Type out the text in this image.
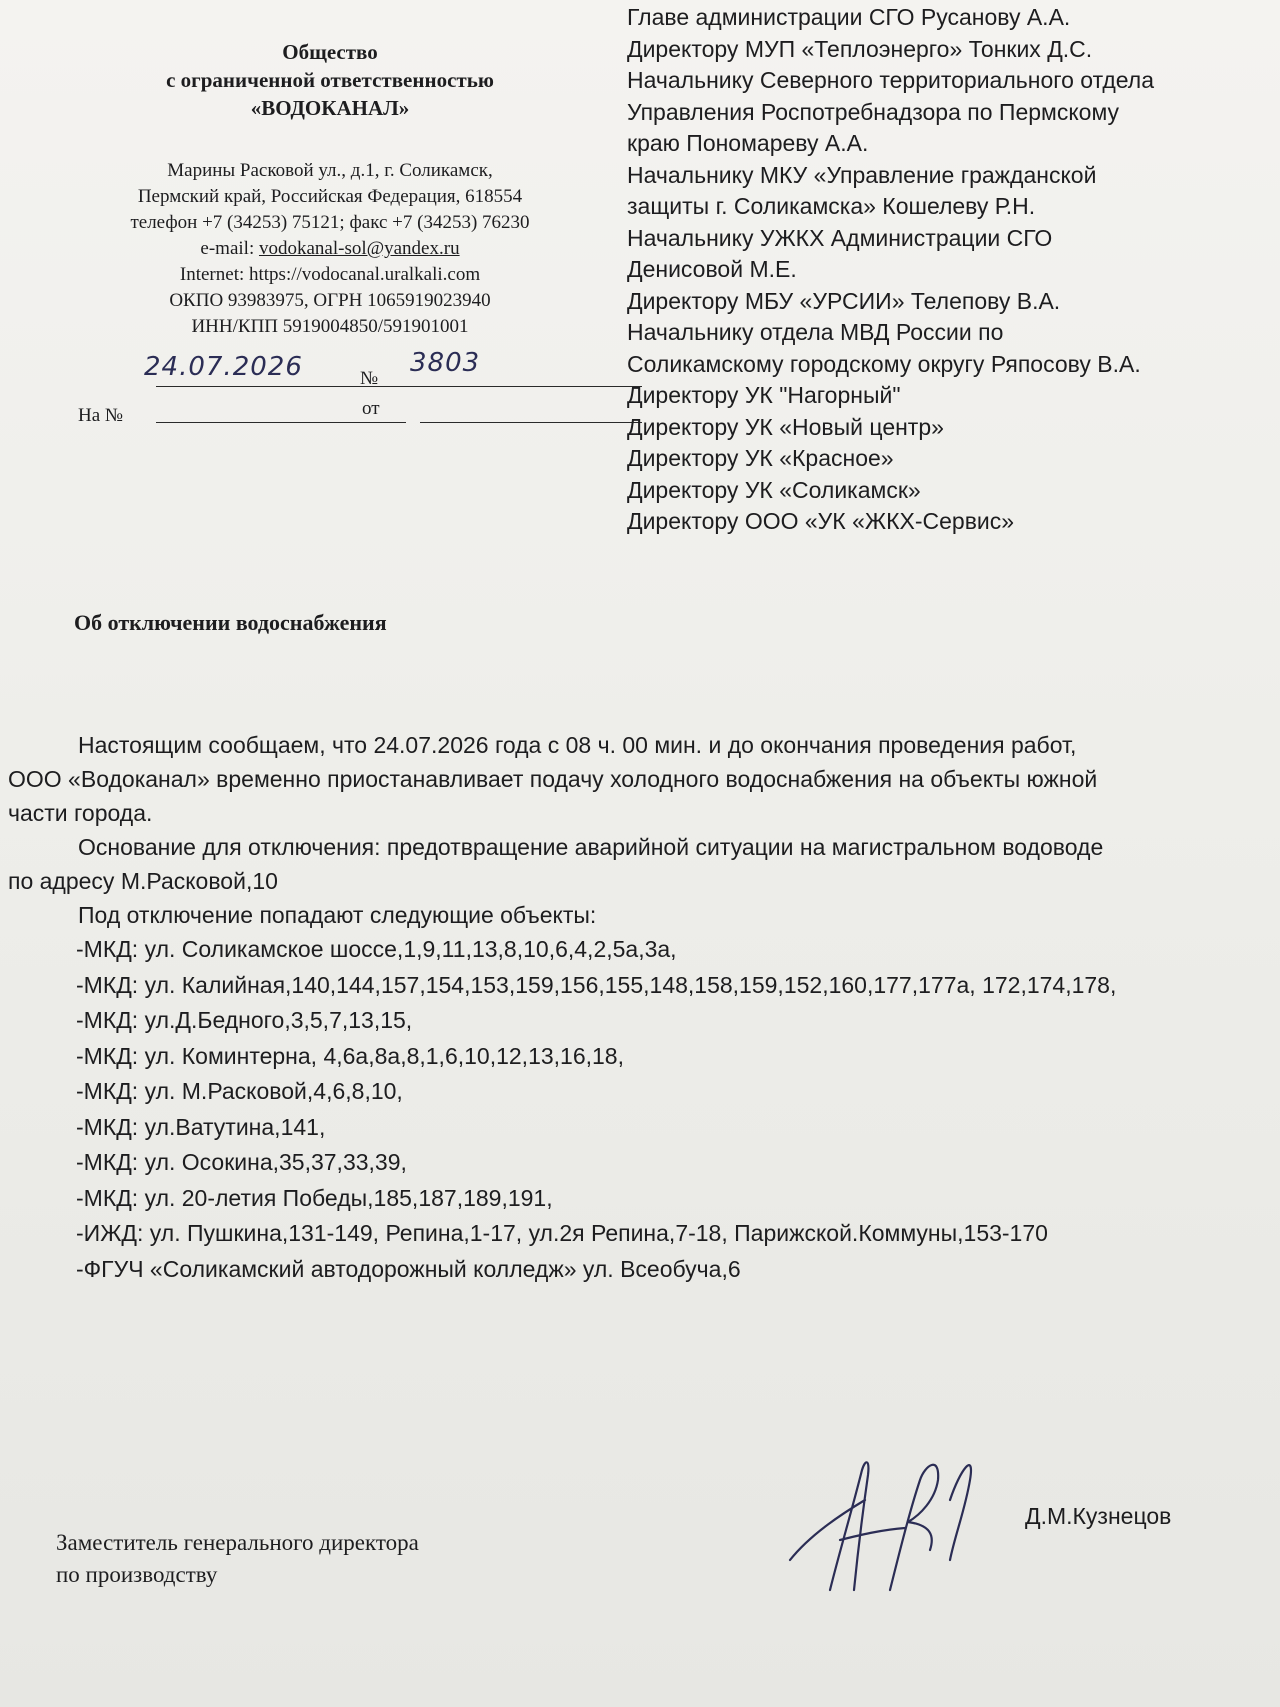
Общество
с ограниченной ответственностью
«ВОДОКАНАЛ»
Марины Расковой ул., д.1, г. Соликамск,
Пермский край, Российская Федерация, 618554
телефон +7 (34253) 75121; факс +7 (34253) 76230
e-mail: vodokanal-sol@yandex.ru
Internet: https://vodocanal.uralkali.com
ОКПО 93983975, ОГРН 1065919023940
ИНН/КПП 5919004850/591901001
24.07.2026	№
3803
На №	от
Главе администрации СГО Русанову А.А.
Директору МУП «Теплоэнерго» Тонких Д.С.
Начальнику Северного территориального отдела
Управления Роспотребнадзора по Пермскому
краю Пономареву А.А.
Начальнику МКУ «Управление гражданской
защиты г. Соликамска» Кошелеву Р.Н.
Начальнику УЖКХ Администрации СГО
Денисовой М.Е.
Директору МБУ «УРСИИ» Телепову В.А.
Начальнику отдела МВД России по
Соликамскому городскому округу Ряпосову В.А.
Директору УК "Нагорный"
Директору УК «Новый центр»
Директору УК «Красное»
Директору УК «Соликамск»
Директору ООО «УК «ЖКХ-Сервис»
Об отключении водоснабжения

Настоящим сообщаем, что 24.07.2026 года с 08 ч. 00 мин. и до окончания проведения работ,

ООО «Водоканал» временно приостанавливает подачу холодного водоснабжения на объекты южной
части города.

Основание для отключения: предотвращение аварийной ситуации на магистральном водоводе

по адресу М.Расковой,10

Под отключение попадают следующие объекты:

-МКД: ул. Соликамское шоссе,1,9,11,13,8,10,6,4,2,5а,3а,
-МКД: ул. Калийная,140,144,157,154,153,159,156,155,148,158,159,152,160,177,177а, 172,174,178,
-МКД: ул.Д.Бедного,3,5,7,13,15,
-МКД: ул. Коминтерна, 4,6а,8а,8,1,6,10,12,13,16,18,
-МКД: ул. М.Расковой,4,6,8,10,
-МКД: ул.Ватутина,141,
-МКД: ул. Осокина,35,37,33,39,
-МКД: ул. 20-летия Победы,185,187,189,191,
-ИЖД: ул. Пушкина,131-149, Репина,1-17, ул.2я Репина,7-18, Парижской.Коммуны,153-170
-ФГУЧ «Соликамский автодорожный колледж» ул. Всеобуча,6
Заместитель генерального директора
по производству
Д.М.Кузнецов
